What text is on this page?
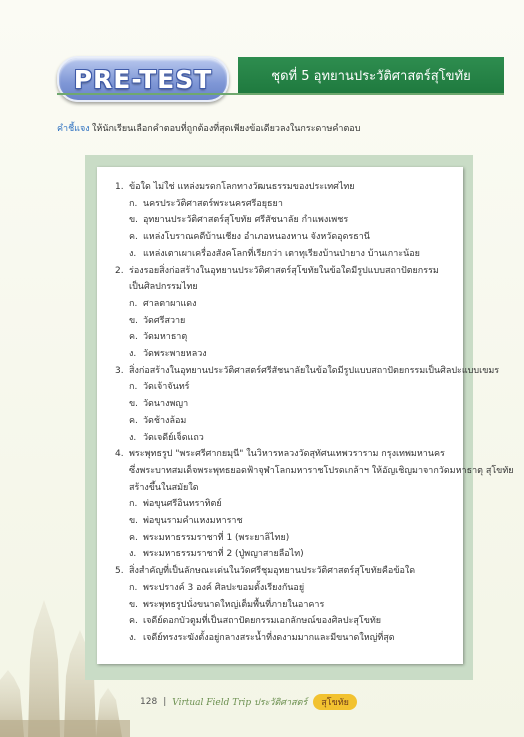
PRE-TEST	ชุดที่ 5 อุทยานประวัติศาสตร์สุโขทัย
คำชี้แจง ให้นักเรียนเลือกคำตอบที่ถูกต้องที่สุดเพียงข้อเดียวลงในกระดาษคำตอบ
1. ข้อใด ไม่ใช่ แหล่งมรดกโลกทางวัฒนธรรมของประเทศไทย
ก. นครประวัติศาสตร์พระนครศรีอยุธยา
ข. อุทยานประวัติศาสตร์สุโขทัย ศรีสัชนาลัย กำแพงเพชร
ค. แหล่งโบราณคดีบ้านเชียง อำเภอหนองหาน จังหวัดอุดรธานี
ง. แหล่งเตาเผาเครื่องสังคโลกที่เรียกว่า เตาทุเรียงบ้านป่ายาง บ้านเกาะน้อย
2. ร่องรอยสิ่งก่อสร้างในอุทยานประวัติศาสตร์สุโขทัยในข้อใดมีรูปแบบสถาปัตยกรรม
เป็นศิลปกรรมไทย
ก. ศาลตาผาแดง
ข. วัดศรีสวาย
ค. วัดมหาธาตุ
ง. วัดพระพายหลวง
3. สิ่งก่อสร้างในอุทยานประวัติศาสตร์ศรีสัชนาลัยในข้อใดมีรูปแบบสถาปัตยกรรมเป็นศิลปะแบบเขมร
ก. วัดเจ้าจันทร์
ข. วัดนางพญา
ค. วัดช้างล้อม
ง. วัดเจดีย์เจ็ดแถว
4. พระพุทธรูป "พระศรีศากยมุนี" ในวิหารหลวงวัดสุทัศนเทพวราราม กรุงเทพมหานคร
ซึ่งพระบาทสมเด็จพระพุทธยอดฟ้าจุฬาโลกมหาราชโปรดเกล้าฯ ให้อัญเชิญมาจากวัดมหาธาตุ สุโขทัย
สร้างขึ้นในสมัยใด
ก. พ่อขุนศรีอินทราทิตย์
ข. พ่อขุนรามคำแหงมหาราช
ค. พระมหาธรรมราชาที่ 1 (พระยาลิไทย)
ง. พระมหาธรรมราชาที่ 2 (ปู่พญาสายลือไท)
5. สิ่งสำคัญที่เป็นลักษณะเด่นในวัดศรีชุมอุทยานประวัติศาสตร์สุโขทัยคือข้อใด
ก. พระปรางค์ 3 องค์ ศิลปะขอมตั้งเรียงกันอยู่
ข. พระพุทธรูปนั่งขนาดใหญ่เต็มพื้นที่ภายในอาคาร
ค. เจดีย์ดอกบัวตูมที่เป็นสถาปัตยกรรมเอกลักษณ์ของศิลปะสุโขทัย
ง. เจดีย์ทรงระฆังตั้งอยู่กลางสระน้ำที่งดงามมากและมีขนาดใหญ่ที่สุด
128 | Virtual Field Trip ประวัติศาสตร์	สุโขทัย
